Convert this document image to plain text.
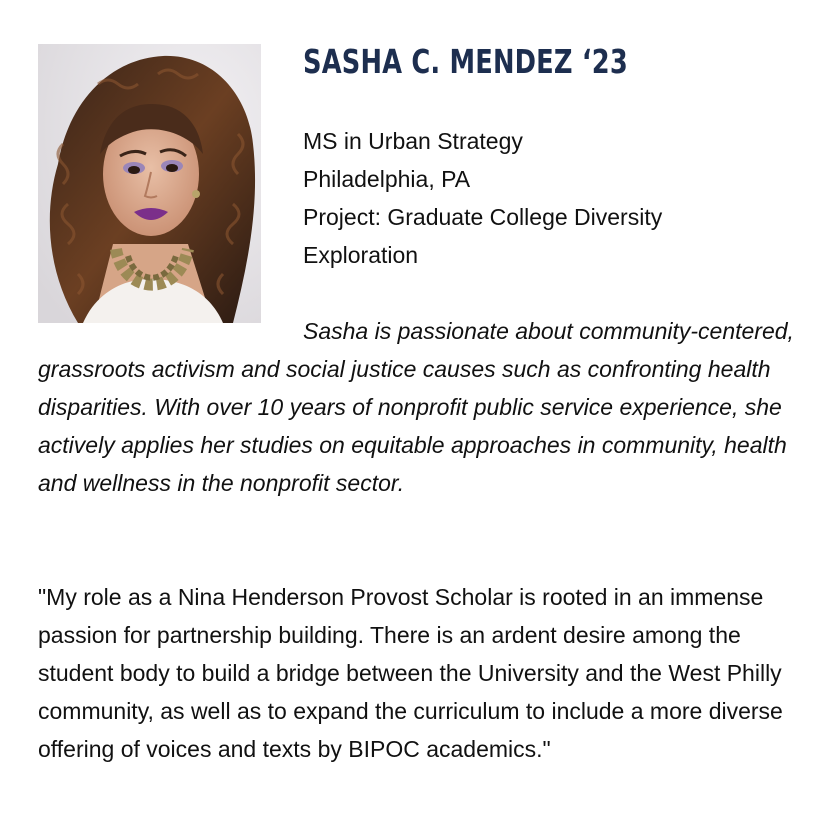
SASHA C. MENDEZ ‘23
MS in Urban Strategy
Philadelphia, PA
Project: Graduate College Diversity
Exploration

Sasha is passionate about community-centered, grassroots activism and social justice causes such as confronting health disparities. With over 10 years of nonprofit public service experience, she actively applies her studies on equitable approaches in community, health and wellness in the nonprofit sector.

"My role as a Nina Henderson Provost Scholar is rooted in an immense passion for partnership building. There is an ardent desire among the student body to build a bridge between the University and the West Philly community, as well as to expand the curriculum to include a more diverse offering of voices and texts by BIPOC academics."
